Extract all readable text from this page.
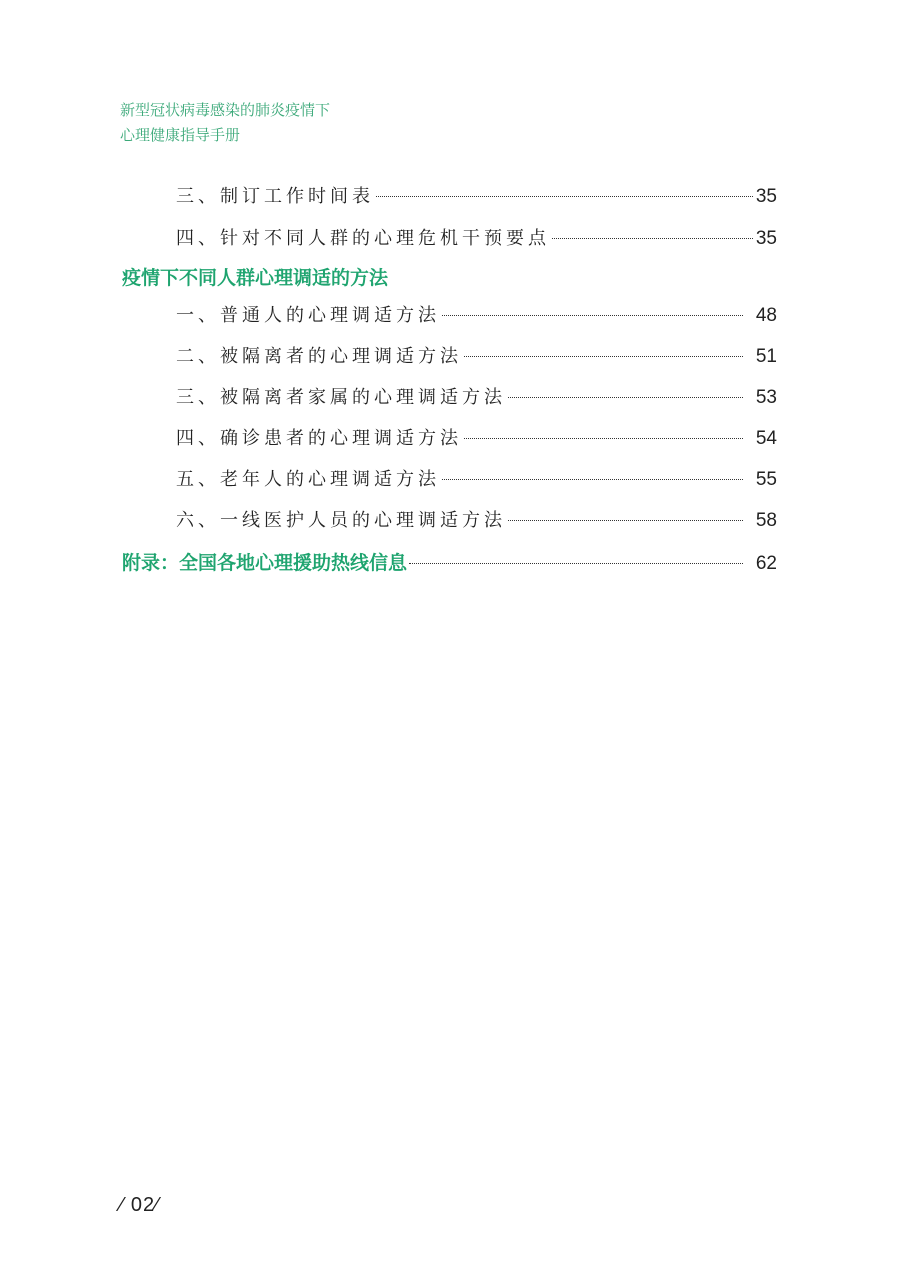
新型冠状病毒感染的肺炎疫情下
心理健康指导手册
三、制订工作时间表	35
四、针对不同人群的心理危机干预要点	35
疫情下不同人群心理调适的方法
一、普通人的心理调适方法	48
二、被隔离者的心理调适方法	51
三、被隔离者家属的心理调适方法	53
四、确诊患者的心理调适方法	54
五、老年人的心理调适方法	55
六、一线医护人员的心理调适方法	58
附录：全国各地心理援助热线信息	62
⁄ 02⁄
